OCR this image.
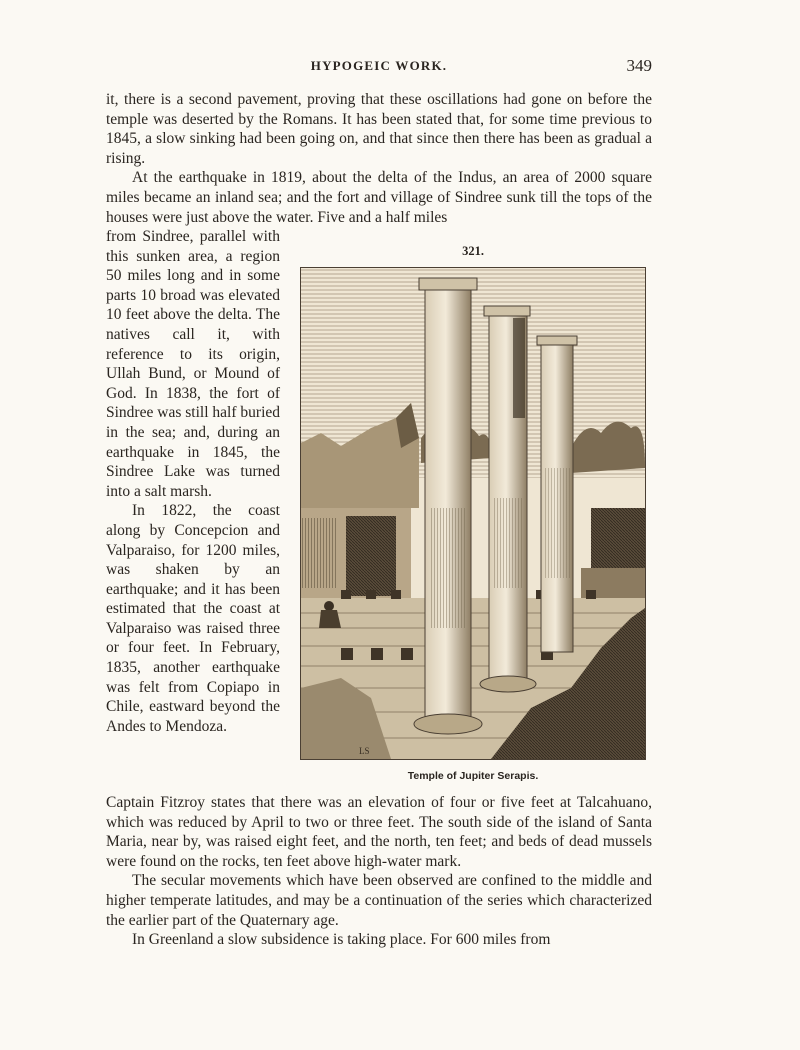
HYPOGEIC WORK.	349

it, there is a second pavement, proving that these oscillations had gone on before the temple was deserted by the Romans. It has been stated that, for some time previous to 1845, a slow sinking had been going on, and that since then there has been as gradual a rising.

At the earthquake in 1819, about the delta of the Indus, an area of 2000 square miles became an inland sea; and the fort and village of Sindree sunk till the tops of the houses were just above the water. Five and a half miles

from Sindree, parallel with this sunken area, a region 50 miles long and in some parts 10 broad was elevated 10 feet above the delta. The natives call it, with reference to its origin, Ullah Bund, or Mound of God. In 1838, the fort of Sindree was still half buried in the sea; and, during an earthquake in 1845, the Sindree Lake was turned into a salt marsh.

In 1822, the coast along by Concepcion and Valparaiso, for 1200 miles, was shaken by an earthquake; and it has been estimated that the coast at Valparaiso was raised three or four feet. In February, 1835, another earthquake was felt from Copiapo in Chile, eastward beyond the Andes to Mendoza.

321.
LS
Temple of Jupiter Serapis.

Captain Fitzroy states that there was an elevation of four or five feet at Talcahuano, which was reduced by April to two or three feet. The south side of the island of Santa Maria, near by, was raised eight feet, and the north, ten feet; and beds of dead mussels were found on the rocks, ten feet above high-water mark.

The secular movements which have been observed are confined to the middle and higher temperate latitudes, and may be a continuation of the series which characterized the earlier part of the Quaternary age.

In Greenland a slow subsidence is taking place. For 600 miles from
